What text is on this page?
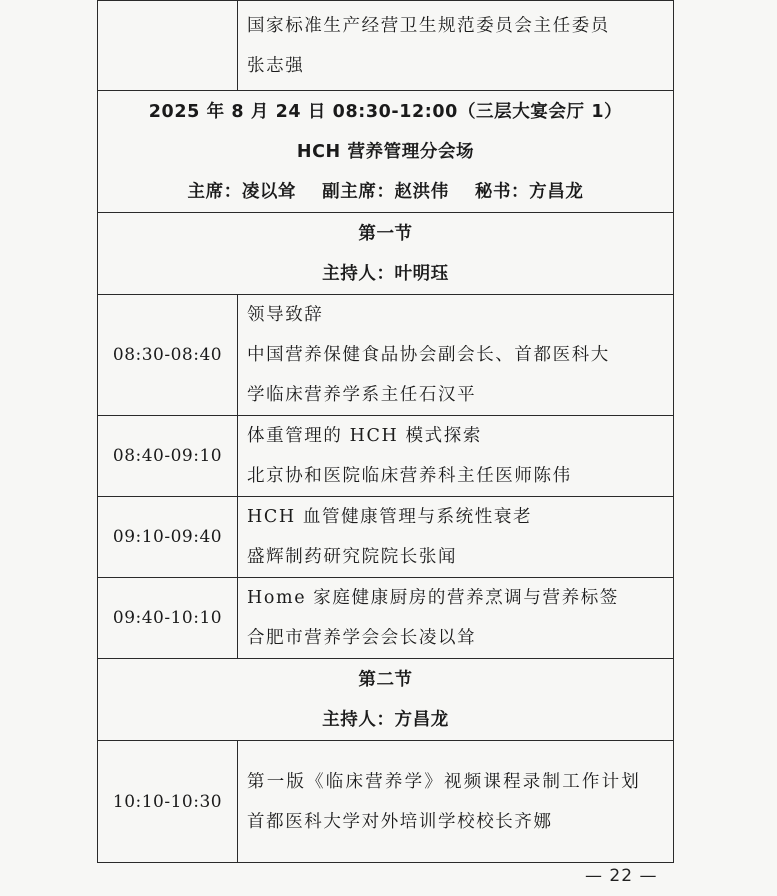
	国家标准生产经营卫生规范委员会主任委员
张志强

2025 年 8 月 24 日 08:30-12:00（三层大宴会厅 1）
HCH 营养管理分会场
主席：凌以耸 副主席：赵洪伟 秘书：方昌龙	

第一节
主持人：叶明珏	

08:30-08:40	领导致辞
中国营养保健食品协会副会长、首都医科大
学临床营养学系主任石汉平

08:40-09:10	体重管理的 HCH 模式探索
北京协和医院临床营养科主任医师陈伟

09:10-09:40	HCH 血管健康管理与系统性衰老
盛辉制药研究院院长张闻

09:40-10:10	Home 家庭健康厨房的营养烹调与营养标签
合肥市营养学会会长凌以耸

第二节
主持人：方昌龙	

10:10-10:30	第一版《临床营养学》视频课程录制工作计划
首都医科大学对外培训学校校长齐娜
— 22 —
